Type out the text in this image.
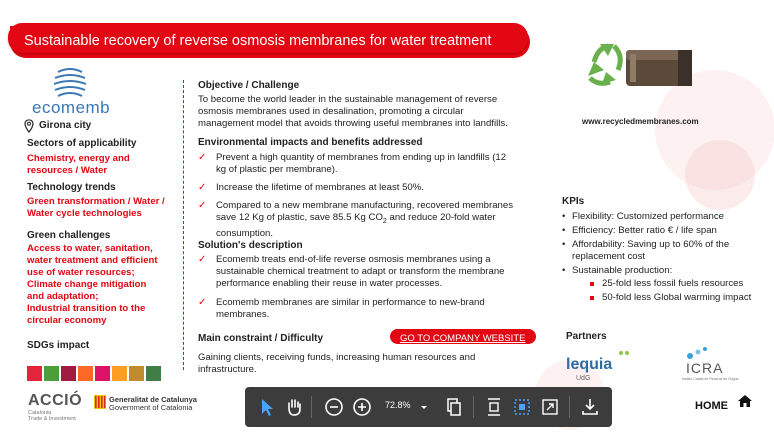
Sustainable recovery of reverse osmosis membranes for water treatment
ecomemb
Girona city
Sectors of applicability
Chemistry, energy and
resources / Water
Technology trends
Green transformation / Water /
Water cycle technologies
Green challenges
Access to water, sanitation,
water treatment and efficient
use of water resources;
Climate change mitigation
and adaptation;
Industrial transition to the
circular economy
SDGs impact
Objective / Challenge
To become the world leader in the sustainable management of reverse
osmosis membranes used in desalination, promoting a circular
management model that avoids throwing useful membranes into landfills.
Environmental impacts and benefits addressed
✓ Prevent a high quantity of membranes from ending up in landfills (12
kg of plastic per membrane).
✓ Increase the lifetime of membranes at least 50%.
✓ Compared to a new membrane manufacturing, recovered membranes
save 12 Kg of plastic, save 85.5 Kg $CO_2$ and reduce 20-fold water
consumption.
Solution's description
✓ Ecomemb treats end-of-life reverse osmosis membranes using a
sustainable chemical treatment to adapt or transform the membrane
performance enabling their reuse in water processes.
✓ Ecomemb membranes are similar in performance to new-brand
membranes.
Main constraint / Difficulty	GO TO COMPANY WEBSITE
Gaining clients, receiving funds, increasing human resources and
infrastructure.
www.recycledmembranes.com
KPIs
• Flexibility: Customized performance
• Efficiency: Better ratio € / life span
• Affordability: Saving up to 60% of the
replacement cost
• Sustainable production:
25-fold less fossil fuels resources
50-fold less Global warming impact
Partners
lequia
UdG
ICRA
Institut Català de Recerca de l'Aigua
ACCIÓ
Catalonia
Trade & Investment
Generalitat de Catalunya
Government of Catalonia	72.8%	HOME
